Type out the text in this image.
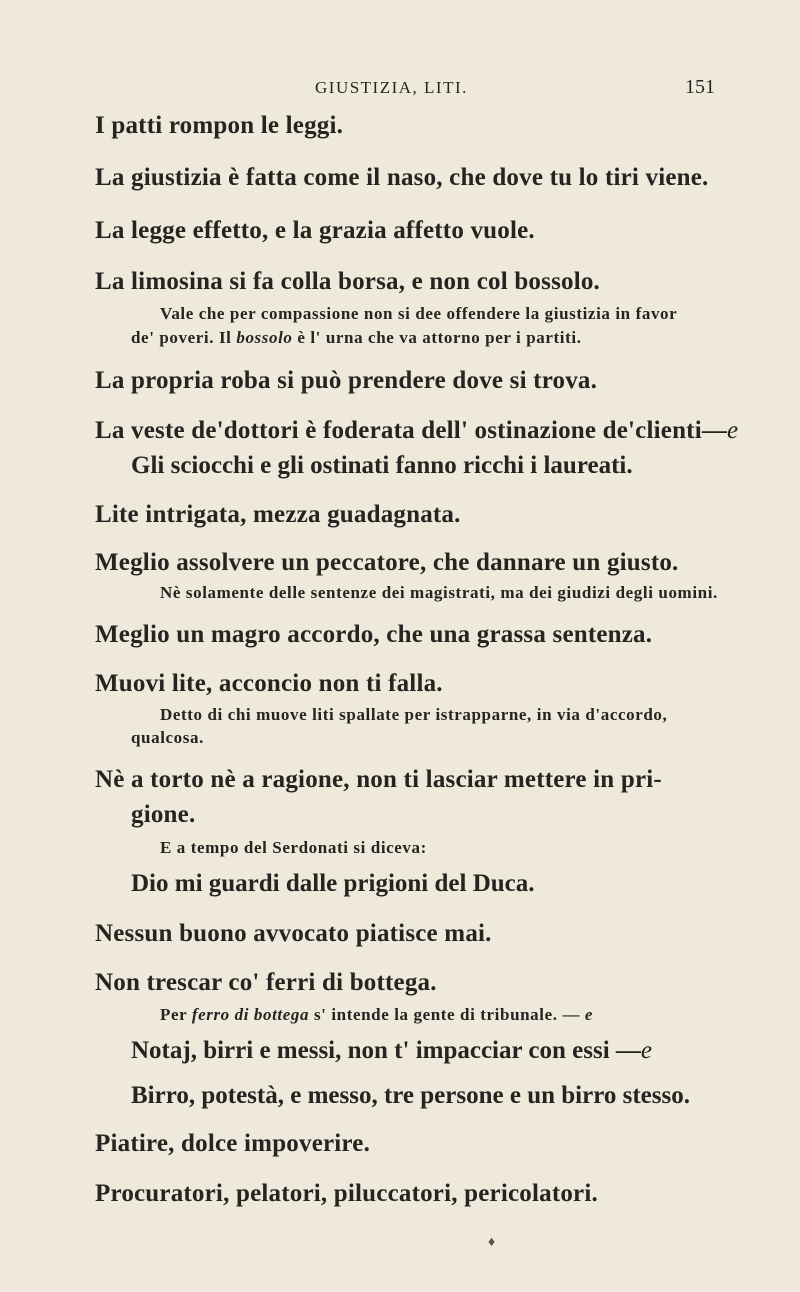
GIUSTIZIA, LITI.	151
I patti rompon le leggi.
La giustizia è fatta come il naso, che dove tu lo tiri viene.
La legge effetto, e la grazia affetto vuole.
La limosina si fa colla borsa, e non col bossolo.
Vale che per compassione non si dee offendere la giustizia in favor
de' poveri. Il bossolo è l' urna che va attorno per i partiti.
La propria roba si può prendere dove si trova.
La veste de'dottori è foderata dell' ostinazione de'clienti—e
Gli sciocchi e gli ostinati fanno ricchi i laureati.
Lite intrigata, mezza guadagnata.
Meglio assolvere un peccatore, che dannare un giusto.
Nè solamente delle sentenze dei magistrati, ma dei giudizi degli uomini.
Meglio un magro accordo, che una grassa sentenza.
Muovi lite, acconcio non ti falla.
Detto di chi muove liti spallate per istrapparne, in via d'accordo,
qualcosa.
Nè a torto nè a ragione, non ti lasciar mettere in pri-
gione.
E a tempo del Serdonati si diceva:
Dio mi guardi dalle prigioni del Duca.
Nessun buono avvocato piatisce mai.
Non trescar co' ferri di bottega.
Per ferro di bottega s' intende la gente di tribunale. — e
Notaj, birri e messi, non t' impacciar con essi —e
Birro, potestà, e messo, tre persone e un birro stesso.
Piatire, dolce impoverire.
Procuratori, pelatori, piluccatori, pericolatori.
♦
